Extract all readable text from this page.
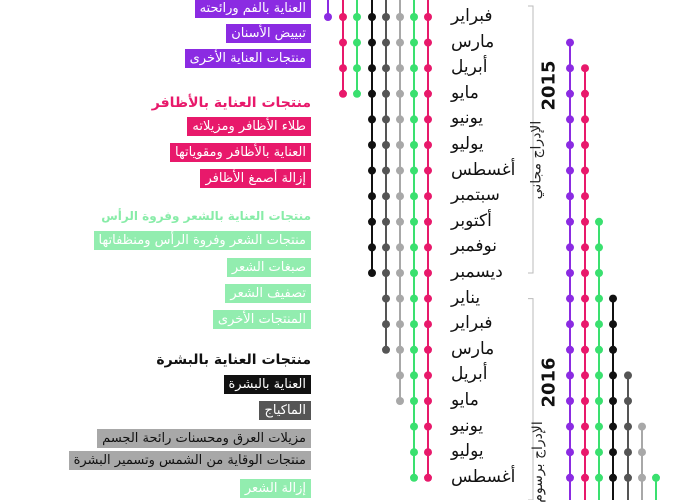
العناية بالفم ورائحته
تبييض الأسنان
منتجات العناية الأخرى
منتجات العناية بالأظافر
طلاء الأظافر ومزيلاته
العناية بالأظافر ومقوياتها
إزالة أصمغ الأظافر
منتجات العناية بالشعر وفروة الرأس
منتجات الشعر وفروة الرأس ومنظفاتها
صبغات الشعر
تصفيف الشعر
المنتجات الأخرى
منتجات العناية بالبشرة
العناية بالبشرة
الماكياج
مزيلات العرق ومحسنات رائحة الجسم
منتجات الوقاية من الشمس وتسمير البشرة
إزالة الشعر
2015
الإدراج مجاني
2016
الإدراج برسوم
فبراير
مارس
أبريل
مايو
يونيو
يوليو
أغسطس
سبتمبر
أكتوبر
نوفمبر
ديسمبر
يناير
فبراير
مارس
أبريل
مايو
يونيو
يوليو
أغسطس
